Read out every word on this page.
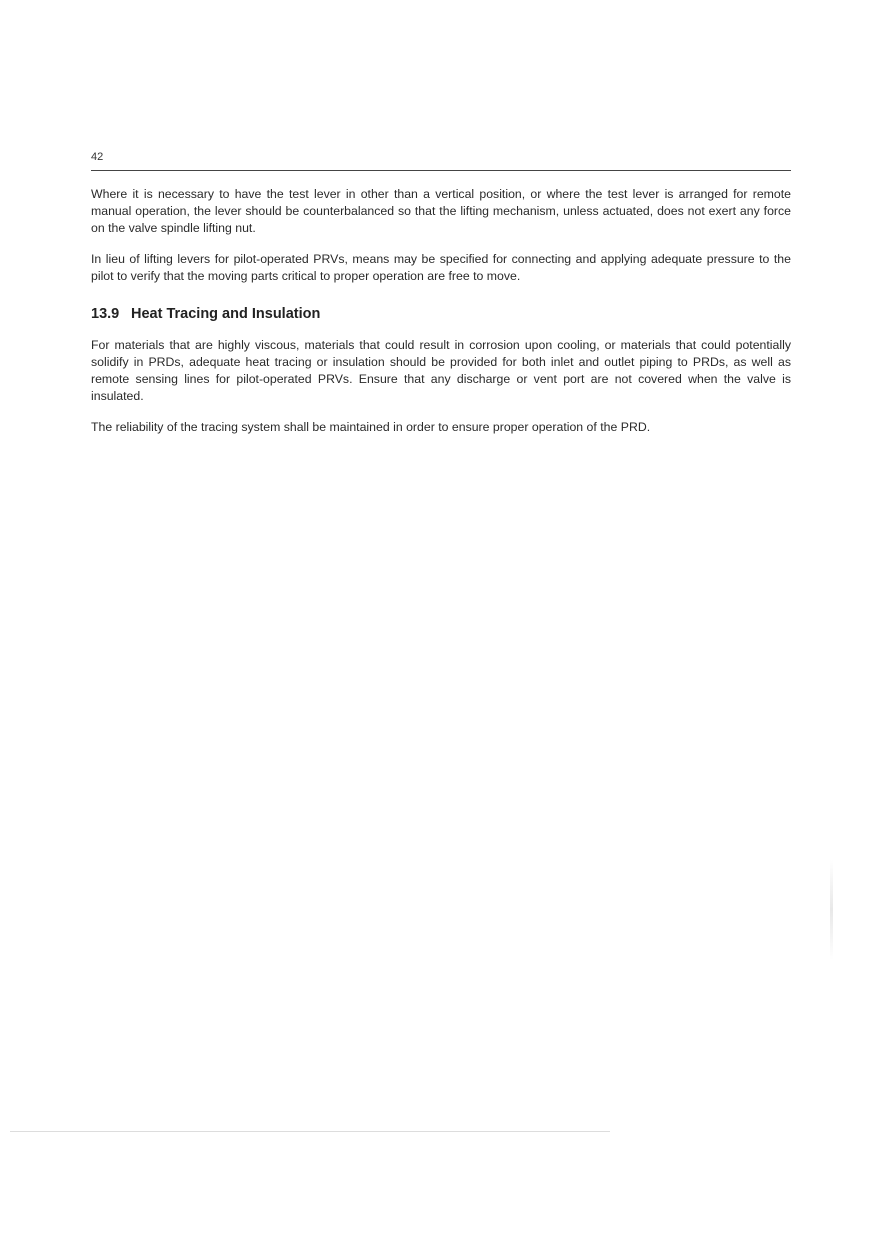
42

Where it is necessary to have the test lever in other than a vertical position, or where the test lever is arranged for remote manual operation, the lever should be counterbalanced so that the lifting mechanism, unless actuated, does not exert any force on the valve spindle lifting nut.

In lieu of lifting levers for pilot-operated PRVs, means may be specified for connecting and applying adequate pressure to the pilot to verify that the moving parts critical to proper operation are free to move.

13.9 Heat Tracing and Insulation

For materials that are highly viscous, materials that could result in corrosion upon cooling, or materials that could potentially solidify in PRDs, adequate heat tracing or insulation should be provided for both inlet and outlet piping to PRDs, as well as remote sensing lines for pilot-operated PRVs. Ensure that any discharge or vent port are not covered when the valve is insulated.

The reliability of the tracing system shall be maintained in order to ensure proper operation of the PRD.
